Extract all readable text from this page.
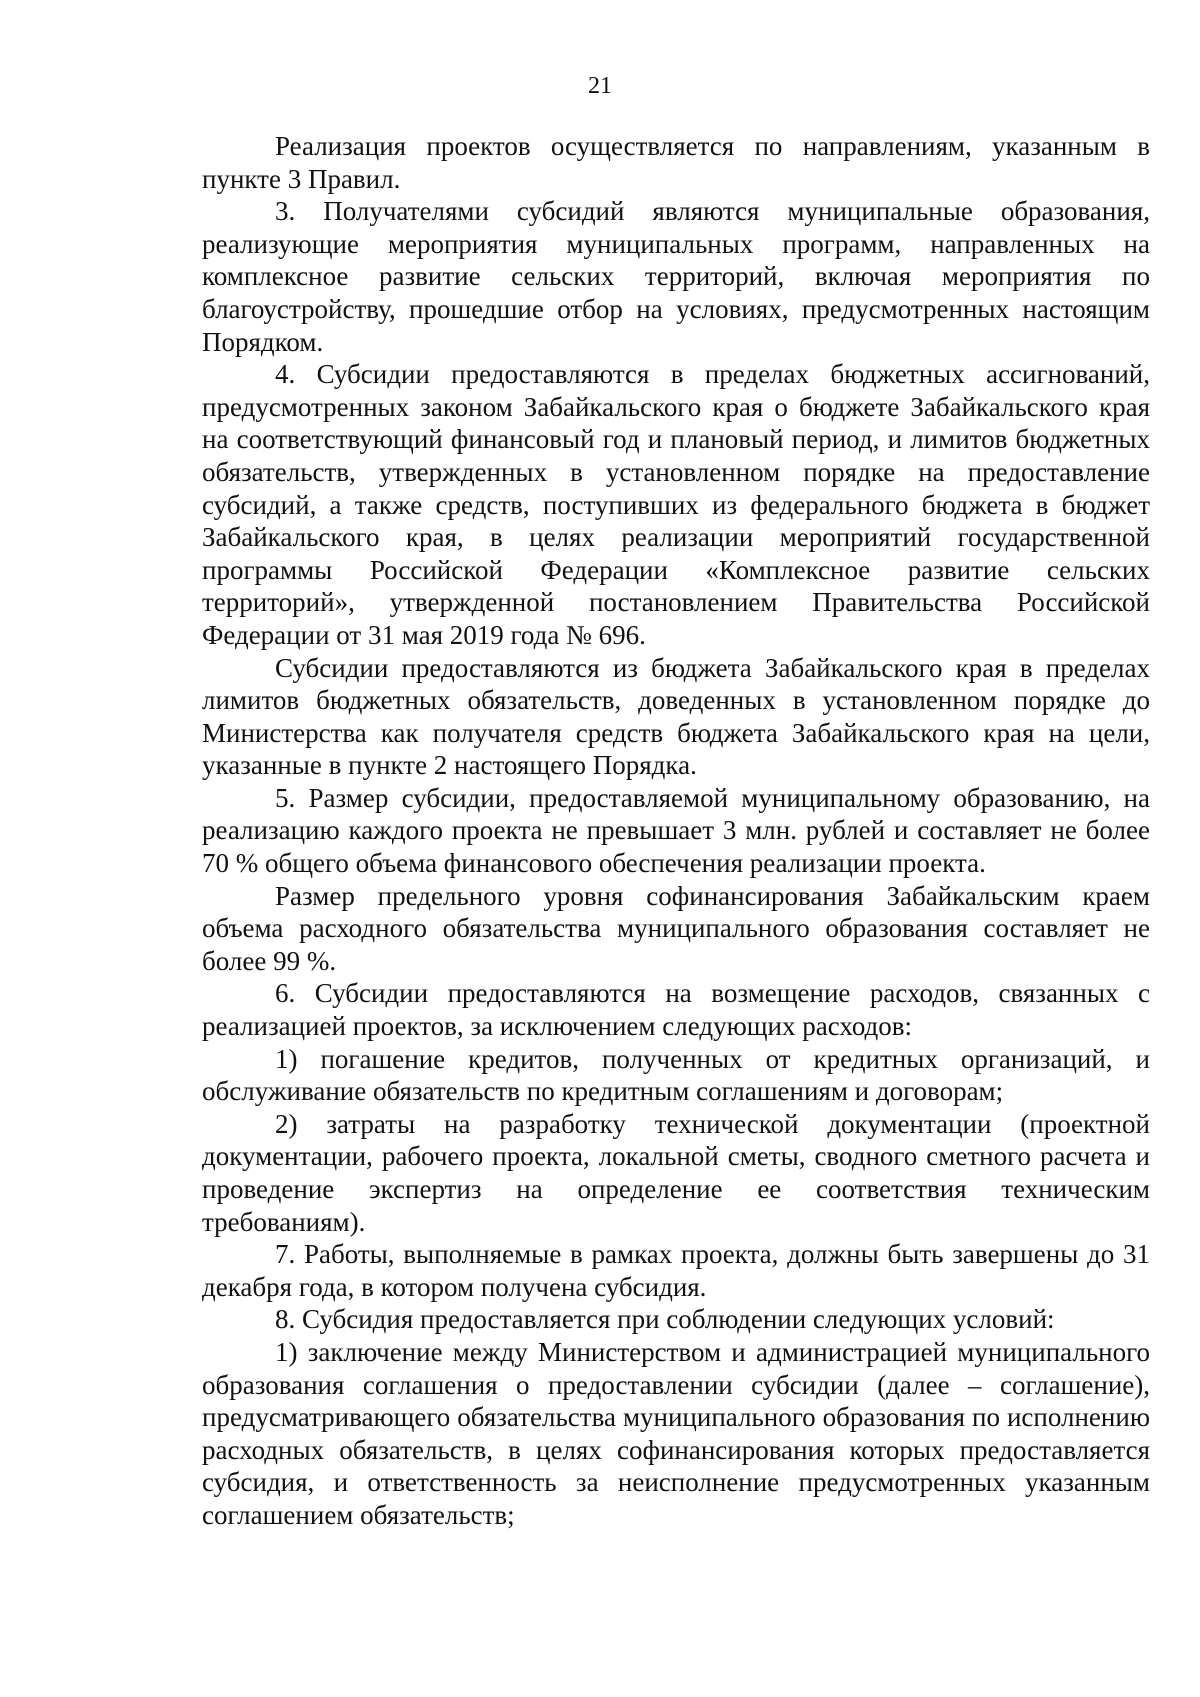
21

Реализация проектов осуществляется по направлениям, указанным в пункте 3 Правил.

3. Получателями субсидий являются муниципальные образования, реализующие мероприятия муниципальных программ, направленных на комплексное развитие сельских территорий, включая мероприятия по благоустройству, прошедшие отбор на условиях, предусмотренных настоящим Порядком.

4. Субсидии предоставляются в пределах бюджетных ассигнований, предусмотренных законом Забайкальского края о бюджете Забайкальского края на соответствующий финансовый год и плановый период, и лимитов бюджетных обязательств, утвержденных в установленном порядке на предоставление субсидий, а также средств, поступивших из федерального бюджета в бюджет Забайкальского края, в целях реализации мероприятий государственной программы Российской Федерации «Комплексное развитие сельских территорий», утвержденной постановлением Правительства Российской Федерации от 31 мая 2019 года № 696.

Субсидии предоставляются из бюджета Забайкальского края в пределах лимитов бюджетных обязательств, доведенных в установленном порядке до Министерства как получателя средств бюджета Забайкальского края на цели, указанные в пункте 2 настоящего Порядка.

5. Размер субсидии, предоставляемой муниципальному образованию, на реализацию каждого проекта не превышает 3 млн. рублей и составляет не более 70 % общего объема финансового обеспечения реализации проекта.

Размер предельного уровня софинансирования Забайкальским краем объема расходного обязательства муниципального образования составляет не более 99 %.

6. Субсидии предоставляются на возмещение расходов, связанных с реализацией проектов, за исключением следующих расходов:

1) погашение кредитов, полученных от кредитных организаций, и обслуживание обязательств по кредитным соглашениям и договорам;

2) затраты на разработку технической документации (проектной документации, рабочего проекта, локальной сметы, сводного сметного расчета и проведение экспертиз на определение ее соответствия техническим требованиям).

7. Работы, выполняемые в рамках проекта, должны быть завершены до 31 декабря года, в котором получена субсидия.

8. Субсидия предоставляется при соблюдении следующих условий:

1) заключение между Министерством и администрацией муниципального образования соглашения о предоставлении субсидии (далее – соглашение), предусматривающего обязательства муниципального образования по исполнению расходных обязательств, в целях софинансирования которых предоставляется субсидия, и ответственность за неисполнение предусмотренных указанным соглашением обязательств;
